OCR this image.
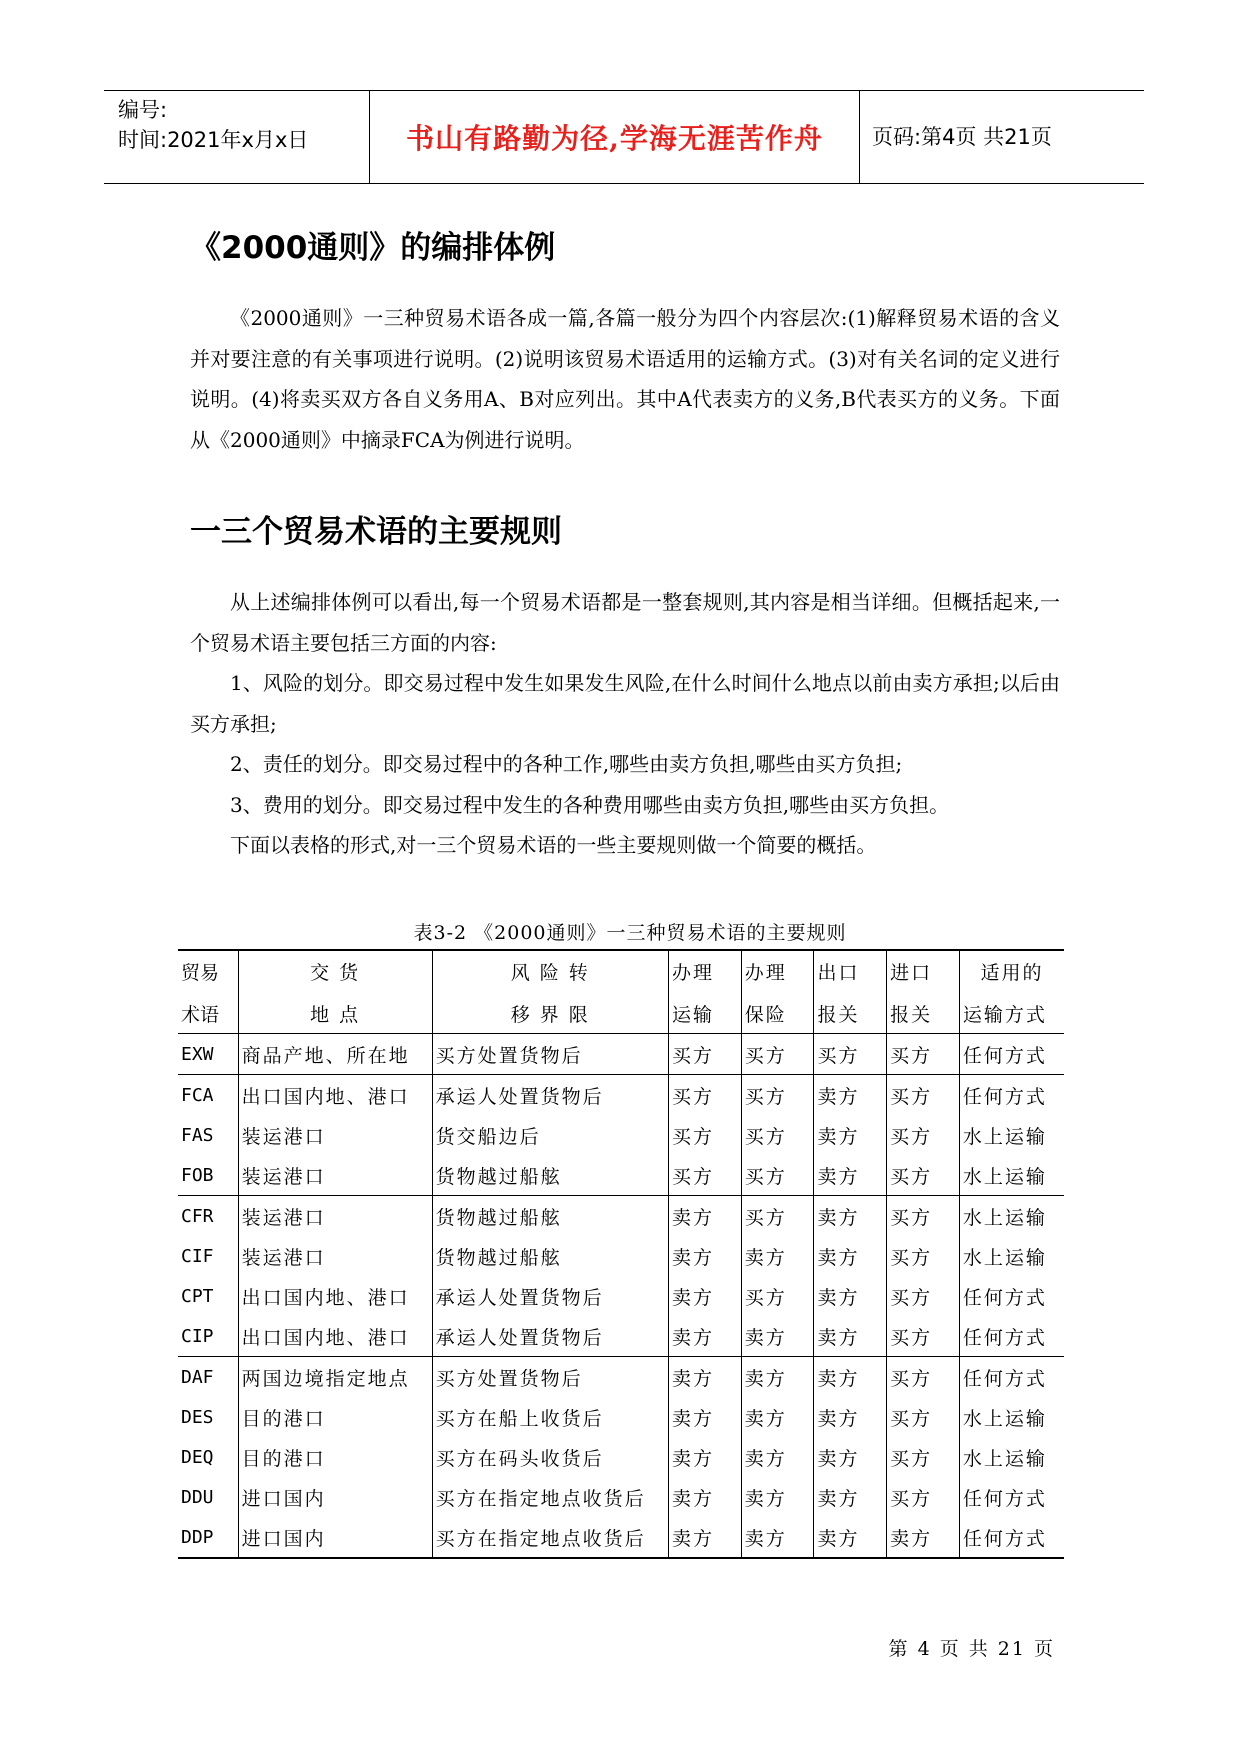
编号:
时间:2021年x月x日	书山有路勤为径,学海无涯苦作舟	页码:第4页 共21页
《2000通则》的编排体例
《2000通则》一三种贸易术语各成一篇,各篇一般分为四个内容层次:(1)解释贸易术语的含义并对要注意的有关事项进行说明。(2)说明该贸易术语适用的运输方式。(3)对有关名词的定义进行说明。(4)将卖买双方各自义务用A、B对应列出。其中A代表卖方的义务,B代表买方的义务。下面从《2000通则》中摘录FCA为例进行说明。
一三个贸易术语的主要规则
从上述编排体例可以看出,每一个贸易术语都是一整套规则,其内容是相当详细。但概括起来,一个贸易术语主要包括三方面的内容:
1、风险的划分。即交易过程中发生如果发生风险,在什么时间什么地点以前由卖方承担;以后由买方承担;
2、责任的划分。即交易过程中的各种工作,哪些由卖方负担,哪些由买方负担;
3、费用的划分。即交易过程中发生的各种费用哪些由卖方负担,哪些由买方负担。
下面以表格的形式,对一三个贸易术语的一些主要规则做一个简要的概括。
表3-2 《2000通则》一三种贸易术语的主要规则
贸易	交 货	风 险 转	办理	办理	出口	进口	适用的
术语	地 点	移 界 限	运输	保险	报关	报关	运输方式
EXW	商品产地、所在地	买方处置货物后	买方	买方	买方	买方	任何方式
FCA	出口国内地、港口	承运人处置货物后	买方	买方	卖方	买方	任何方式
FAS	装运港口	货交船边后	买方	买方	卖方	买方	水上运输
FOB	装运港口	货物越过船舷	买方	买方	卖方	买方	水上运输
CFR	装运港口	货物越过船舷	卖方	买方	卖方	买方	水上运输
CIF	装运港口	货物越过船舷	卖方	卖方	卖方	买方	水上运输
CPT	出口国内地、港口	承运人处置货物后	卖方	买方	卖方	买方	任何方式
CIP	出口国内地、港口	承运人处置货物后	卖方	卖方	卖方	买方	任何方式
DAF	两国边境指定地点	买方处置货物后	卖方	卖方	卖方	买方	任何方式
DES	目的港口	买方在船上收货后	卖方	卖方	卖方	买方	水上运输
DEQ	目的港口	买方在码头收货后	卖方	卖方	卖方	买方	水上运输
DDU	进口国内	买方在指定地点收货后	卖方	卖方	卖方	买方	任何方式
DDP	进口国内	买方在指定地点收货后	卖方	卖方	卖方	卖方	任何方式
第 4 页 共 21 页
